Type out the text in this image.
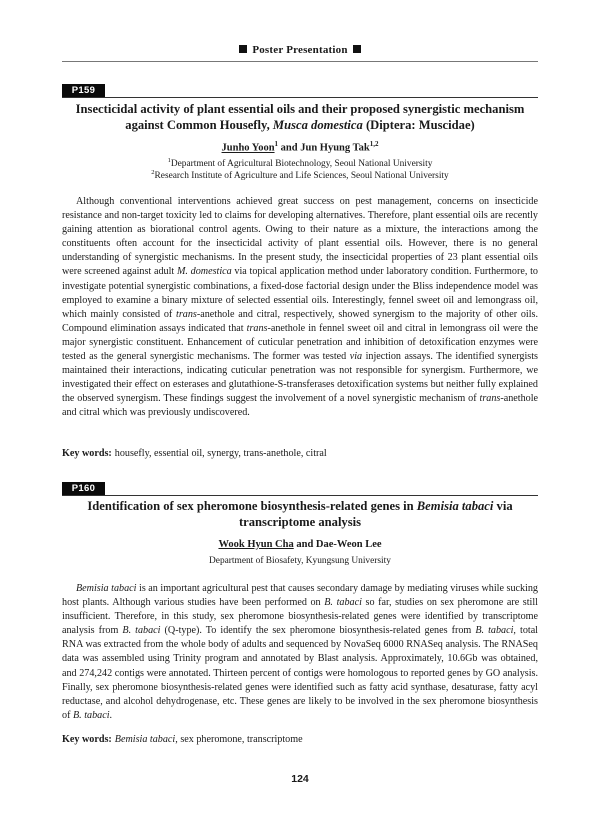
Poster Presentation
P159
Insecticidal activity of plant essential oils and their proposed synergistic mechanism against Common Housefly, Musca domestica (Diptera: Muscidae)
Junho Yoon$^1$ and Jun Hyung Tak$^{1,2}$
$^1$Department of Agricultural Biotechnology, Seoul National University
$^2$Research Institute of Agriculture and Life Sciences, Seoul National University

Although conventional interventions achieved great success on pest management, concerns on insecticide resistance and non-target toxicity led to claims for developing alternatives. Therefore, plant essential oils are recently gaining attention as biorational control agents. Owing to their nature as a mixture, the interactions among the constituents often account for the insecticidal activity of plant essential oils. However, there is no general understanding of synergistic mechanisms. In the present study, the insecticidal properties of 23 plant essential oils were screened against adult M. domestica via topical application method under laboratory condition. Furthermore, to investigate potential synergistic combinations, a fixed-dose factorial design under the Bliss independence model was employed to examine a binary mixture of selected essential oils. Interestingly, fennel sweet oil and lemongrass oil, which mainly consisted of trans-anethole and citral, respectively, showed synergism to the majority of other oils. Compound elimination assays indicated that trans-anethole in fennel sweet oil and citral in lemongrass oil were the major synergistic constituent. Enhancement of cuticular penetration and inhibition of detoxification enzymes were tested as the general synergistic mechanisms. The former was tested via injection assays. The identified synergists maintained their interactions, indicating cuticular penetration was not responsible for synergism. Furthermore, we investigated their effect on esterases and glutathione-S-transferases detoxification systems but neither fully explained the observed synergism. These findings suggest the involvement of a novel synergistic mechanism of trans-anethole and citral which was previously undiscovered.

Key words: housefly, essential oil, synergy, trans-anethole, citral
P160
Identification of sex pheromone biosynthesis-related genes in Bemisia tabaci via transcriptome analysis
Wook Hyun Cha and Dae-Weon Lee
Department of Biosafety, Kyungsung University

Bemisia tabaci is an important agricultural pest that causes secondary damage by mediating viruses while sucking host plants. Although various studies have been performed on B. tabaci so far, studies on sex pheromone are still insufficient. Therefore, in this study, sex pheromone biosynthesis-related genes were identified by transcriptome analysis from B. tabaci (Q-type). To identify the sex pheromone biosynthesis-related genes from B. tabaci, total RNA was extracted from the whole body of adults and sequenced by NovaSeq 6000 RNASeq analysis. The RNASeq data was assembled using Trinity program and annotated by Blast analysis. Approximately, 10.6Gb was obtained, and 274,242 contigs were annotated. Thirteen percent of contigs were homologous to reported genes by GO analysis. Finally, sex pheromone biosynthesis-related genes were identified such as fatty acid synthase, desaturase, fatty acyl reductase, and alcohol dehydrogenase, etc. These genes are likely to be involved in the sex pheromone biosynthesis of B. tabaci.

Key words: Bemisia tabaci, sex pheromone, transcriptome
124
